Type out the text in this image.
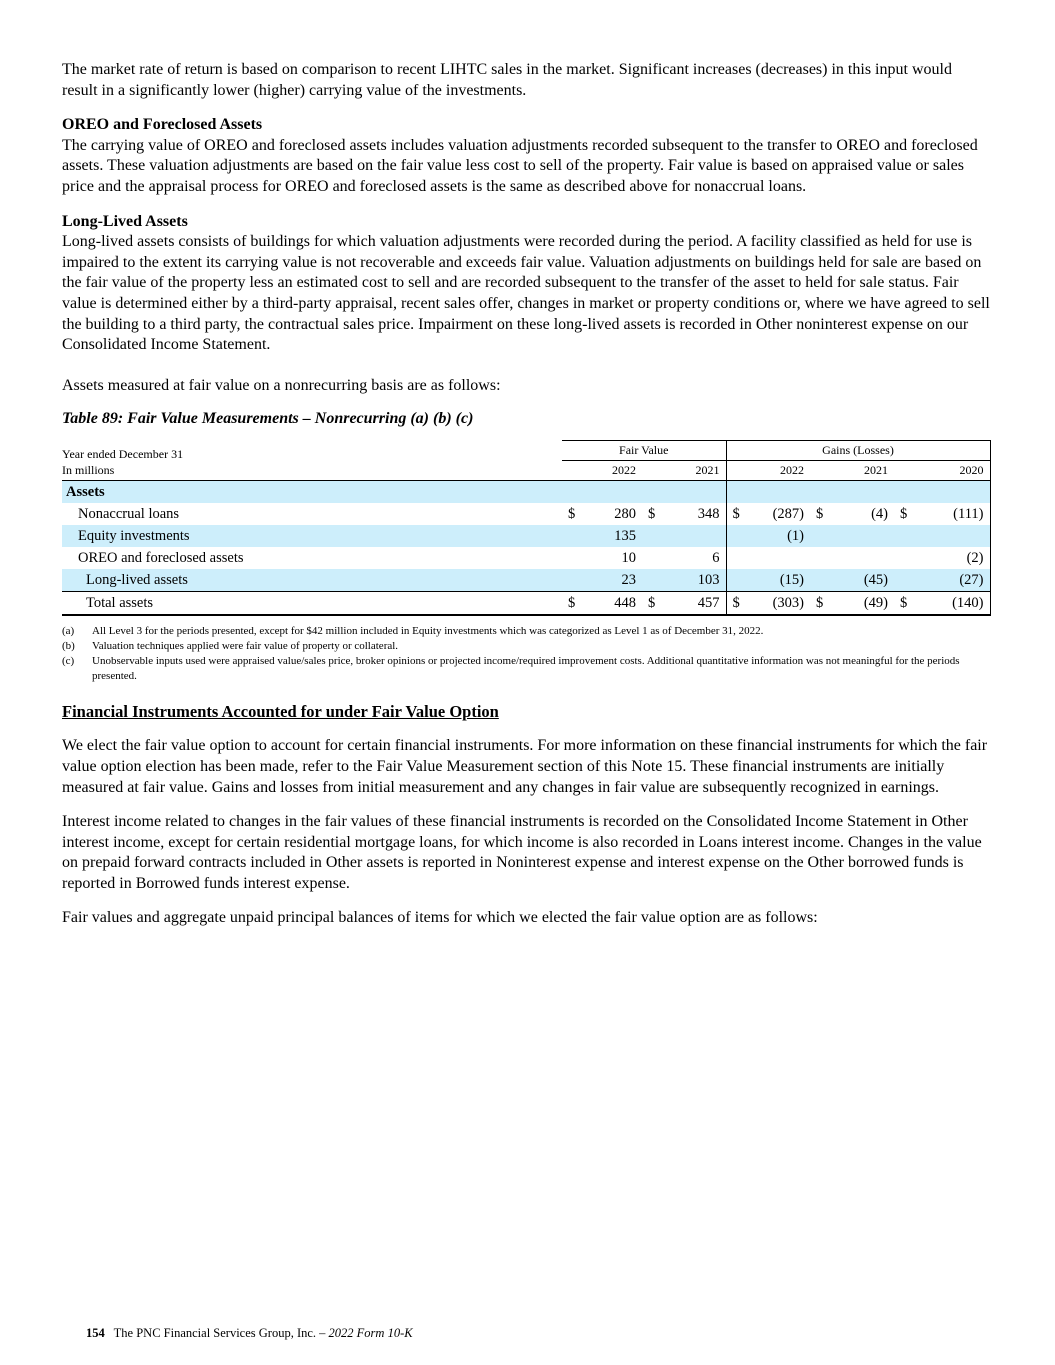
The market rate of return is based on comparison to recent LIHTC sales in the market. Significant increases (decreases) in this input would result in a significantly lower (higher) carrying value of the investments.

OREO and Foreclosed Assets

The carrying value of OREO and foreclosed assets includes valuation adjustments recorded subsequent to the transfer to OREO and foreclosed assets. These valuation adjustments are based on the fair value less cost to sell of the property. Fair value is based on appraised value or sales price and the appraisal process for OREO and foreclosed assets is the same as described above for nonaccrual loans.

Long-Lived Assets

Long-lived assets consists of buildings for which valuation adjustments were recorded during the period. A facility classified as held for use is impaired to the extent its carrying value is not recoverable and exceeds fair value. Valuation adjustments on buildings held for sale are based on the fair value of the property less an estimated cost to sell and are recorded subsequent to the transfer of the asset to held for sale status. Fair value is determined either by a third-party appraisal, recent sales offer, changes in market or property conditions or, where we have agreed to sell the building to a third party, the contractual sales price. Impairment on these long-lived assets is recorded in Other noninterest expense on our Consolidated Income Statement.

Assets measured at fair value on a nonrecurring basis are as follows:

Table 89: Fair Value Measurements – Nonrecurring (a) (b) (c)
Year ended December 31	Fair Value				Gains (Losses)					
In millions	2022		2021		2022		2021		2020	
Assets										
Nonaccrual loans	$	280	$	348	$	(287)	$	(4)	$	(111)
Equity investments		135				(1)				
OREO and foreclosed assets		10		6						(2)
Long-lived assets		23		103		(15)		(45)		(27)
Total assets	$	448	$	457	$	(303)	$	(49)	$	(140)
(a)	All Level 3 for the periods presented, except for $42 million included in Equity investments which was categorized as Level 1 as of December 31, 2022.
(b)	Valuation techniques applied were fair value of property or collateral.
(c)	Unobservable inputs used were appraised value/sales price, broker opinions or projected income/required improvement costs. Additional quantitative information was not meaningful for the periods presented.
Financial Instruments Accounted for under Fair Value Option

We elect the fair value option to account for certain financial instruments. For more information on these financial instruments for which the fair value option election has been made, refer to the Fair Value Measurement section of this Note 15. These financial instruments are initially measured at fair value. Gains and losses from initial measurement and any changes in fair value are subsequently recognized in earnings.

Interest income related to changes in the fair values of these financial instruments is recorded on the Consolidated Income Statement in Other interest income, except for certain residential mortgage loans, for which income is also recorded in Loans interest income. Changes in the value on prepaid forward contracts included in Other assets is reported in Noninterest expense and interest expense on the Other borrowed funds is reported in Borrowed funds interest expense.

Fair values and aggregate unpaid principal balances of items for which we elected the fair value option are as follows:

154 The PNC Financial Services Group, Inc. – 2022 Form 10-K
